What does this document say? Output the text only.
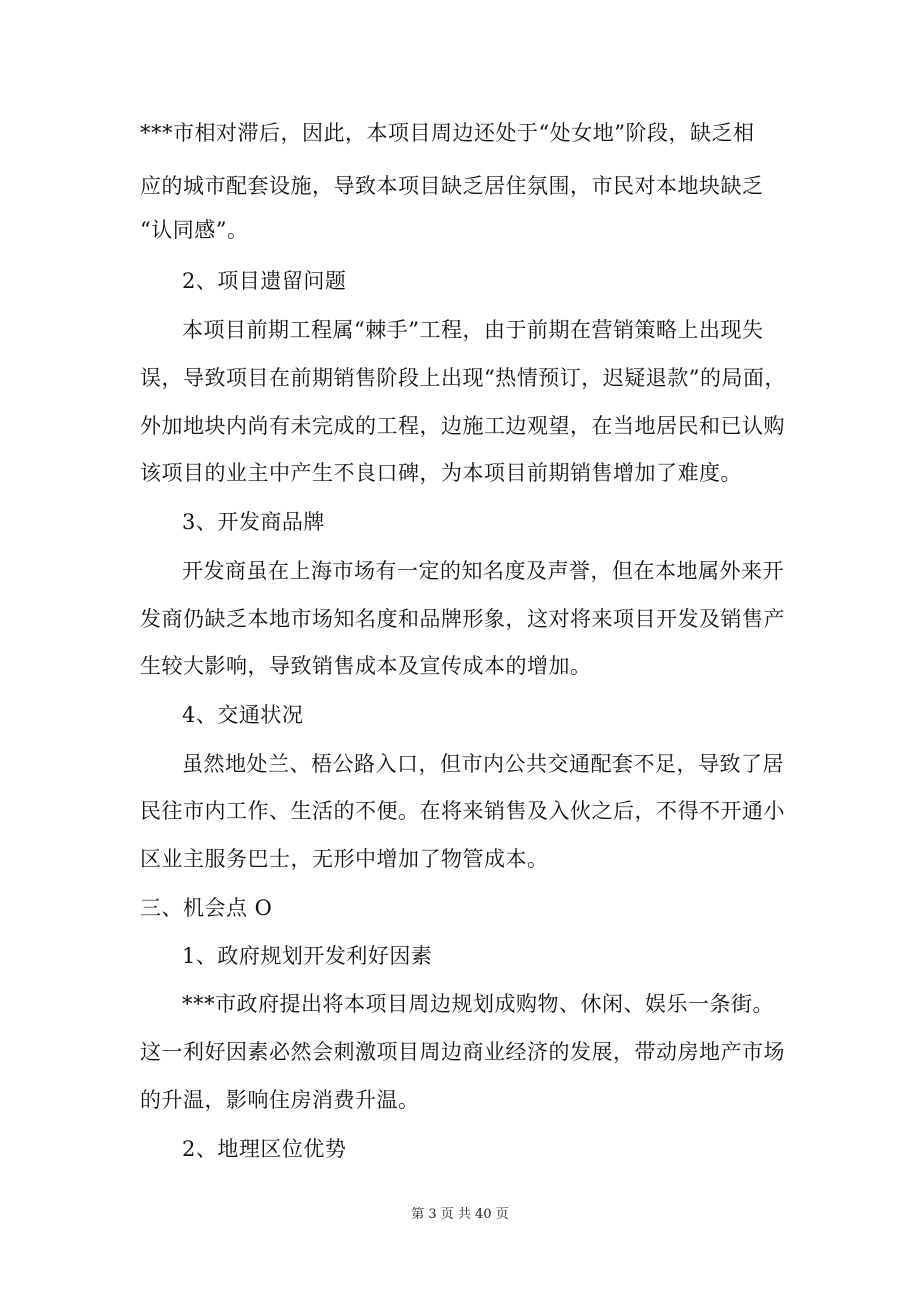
***市相对滞后，因此，本项目周边还处于“处女地”阶段，缺乏相
应的城市配套设施，导致本项目缺乏居住氛围，市民对本地块缺乏
“认同感”。
2、项目遗留问题
本项目前期工程属“棘手”工程，由于前期在营销策略上出现失
误，导致项目在前期销售阶段上出现“热情预订，迟疑退款”的局面，
外加地块内尚有未完成的工程，边施工边观望，在当地居民和已认购
该项目的业主中产生不良口碑，为本项目前期销售增加了难度。
3、开发商品牌
开发商虽在上海市场有一定的知名度及声誉，但在本地属外来开
发商仍缺乏本地市场知名度和品牌形象，这对将来项目开发及销售产
生较大影响，导致销售成本及宣传成本的增加。
4、交通状况
虽然地处兰、梧公路入口，但市内公共交通配套不足，导致了居
民往市内工作、生活的不便。在将来销售及入伙之后，不得不开通小
区业主服务巴士，无形中增加了物管成本。
三、机会点 O
1、政府规划开发利好因素
***市政府提出将本项目周边规划成购物、休闲、娱乐一条街。
这一利好因素必然会刺激项目周边商业经济的发展，带动房地产市场
的升温，影响住房消费升温。
2、地理区位优势
第 3 页 共 40 页
